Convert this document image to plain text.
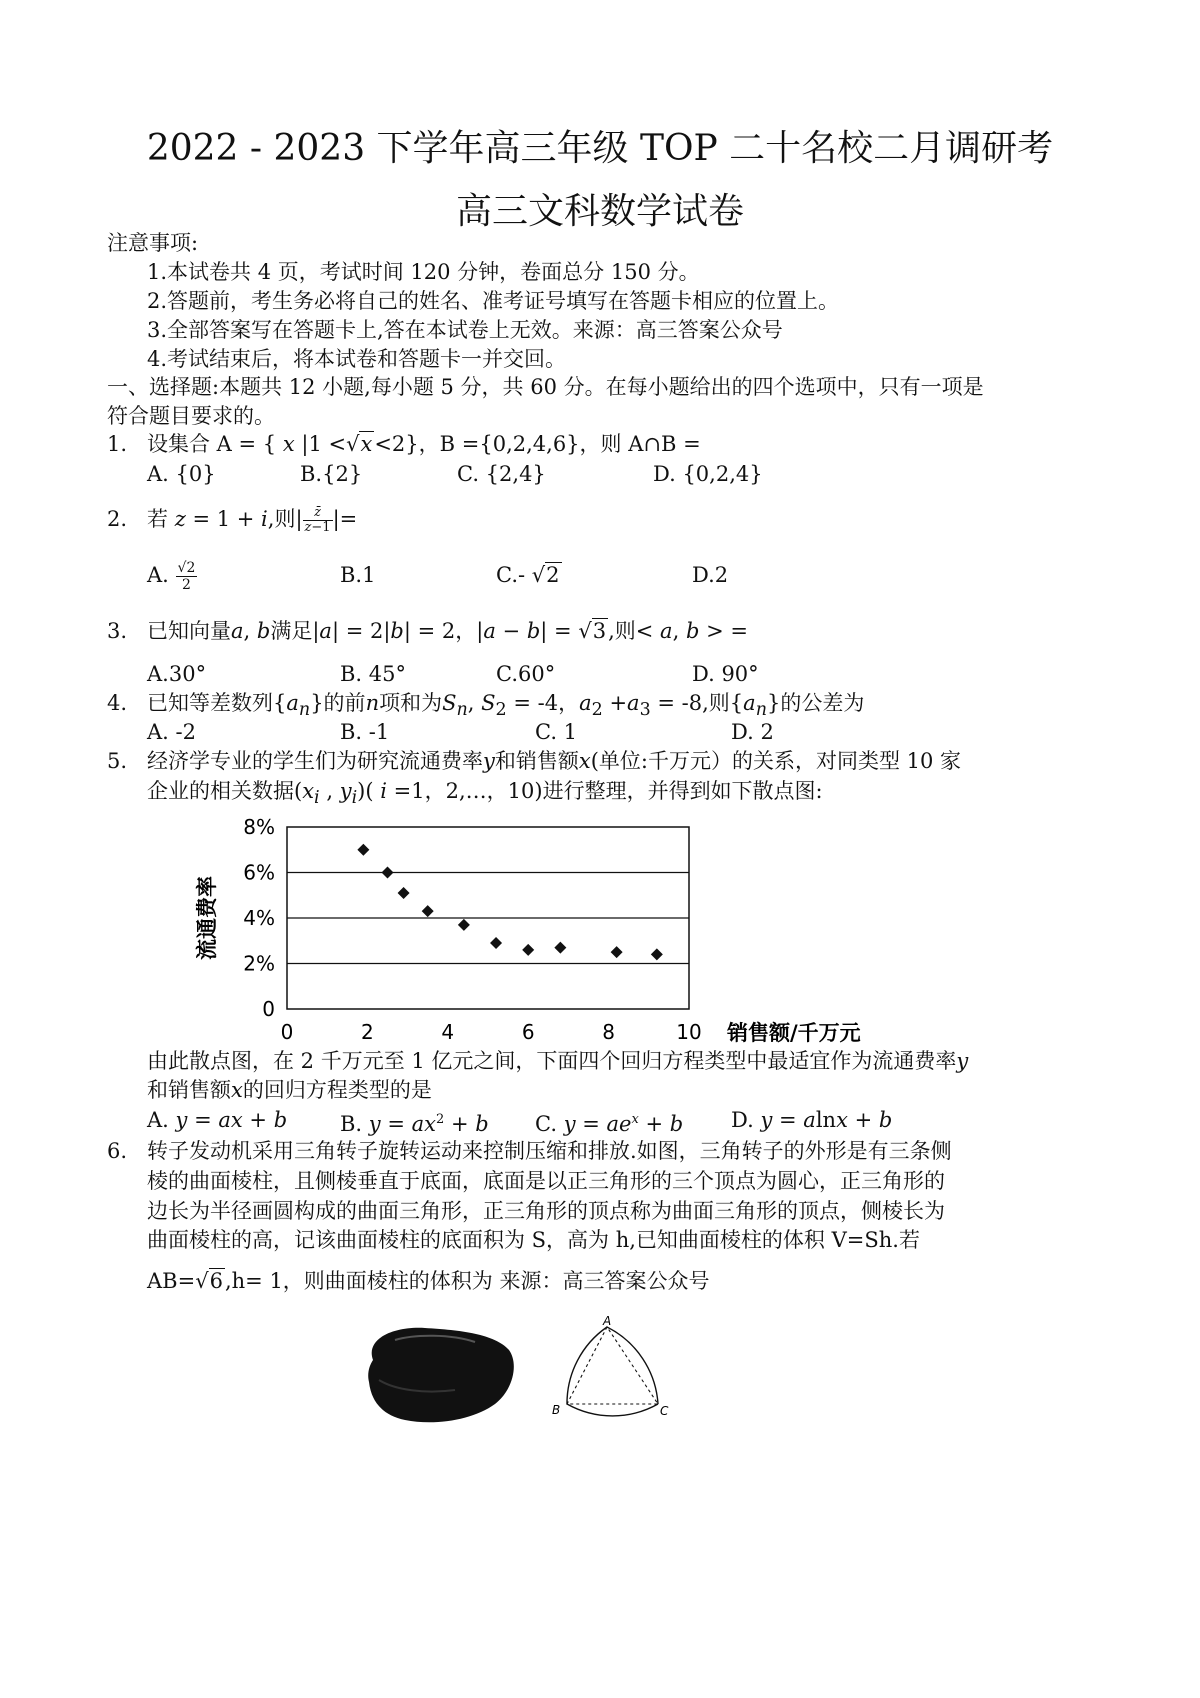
2022 - 2023 下学年高三年级 TOP 二十名校二月调研考
高三文科数学试卷
注意事项:
1.本试卷共 4 页，考试时间 120 分钟，卷面总分 150 分。
2.答题前，考生务必将自己的姓名、准考证号填写在答题卡相应的位置上。
3.全部答案写在答题卡上,答在本试卷上无效。来源：高三答案公众号
4.考试结束后，将本试卷和答题卡一并交回。
一、选择题:本题共 12 小题,每小题 5 分，共 60 分。在每小题给出的四个选项中，只有一项是
符合题目要求的。
1. 设集合 A = { x |1 <√x<2}，B ={0,2,4,6}，则 A∩B =
A. {0}	B.{2}	C. {2,4}	D. {0,2,4}
2. 若 z = 1 + i,则| $\frac{z̄}{z-1}$ |=
A. $\frac{√2}{2}$	B.1	C.- √2	D.2
3. 已知向量a, b满足|a| = 2|b| = 2，|a − b| = √3,则< a, b > =
A.30°	B. 45°	C.60°	D. 90°
4. 已知等差数列$\{a_n\}$的前n项和为$S_n$, $S_2 = -4$，$a_2 +a_3 = -8$,则$\{a_n\}$的公差为
A. -2	B. -1	C. 1	D. 2
5. 经济学专业的学生们为研究流通费率y和销售额x(单位:千万元）的关系，对同类型 10 家
企业的相关数据($x_i$ , $y_i$)( i =1，2,…，10)进行整理，并得到如下散点图:
0
2%
4%
6%
8%
0	2	4	6	8	10
流通费率
销售额/千万元
由此散点图，在 2 千万元至 1 亿元之间，下面四个回归方程类型中最适宜作为流通费率y
和销售额x的回归方程类型的是
A. y = ax + b	B. $y = ax^2 + b$ C. $y = ae^x + b$ D. y = alnx + b
6. 转子发动机采用三角转子旋转运动来控制压缩和排放.如图，三角转子的外形是有三条侧
棱的曲面棱柱，且侧棱垂直于底面，底面是以正三角形的三个顶点为圆心，正三角形的
边长为半径画圆构成的曲面三角形，正三角形的顶点称为曲面三角形的顶点，侧棱长为
曲面棱柱的高，记该曲面棱柱的底面积为 S，高为 h,已知曲面棱柱的体积 V=Sh.若
AB=√6,h= 1，则曲面棱柱的体积为 来源：高三答案公众号
A
B	C
